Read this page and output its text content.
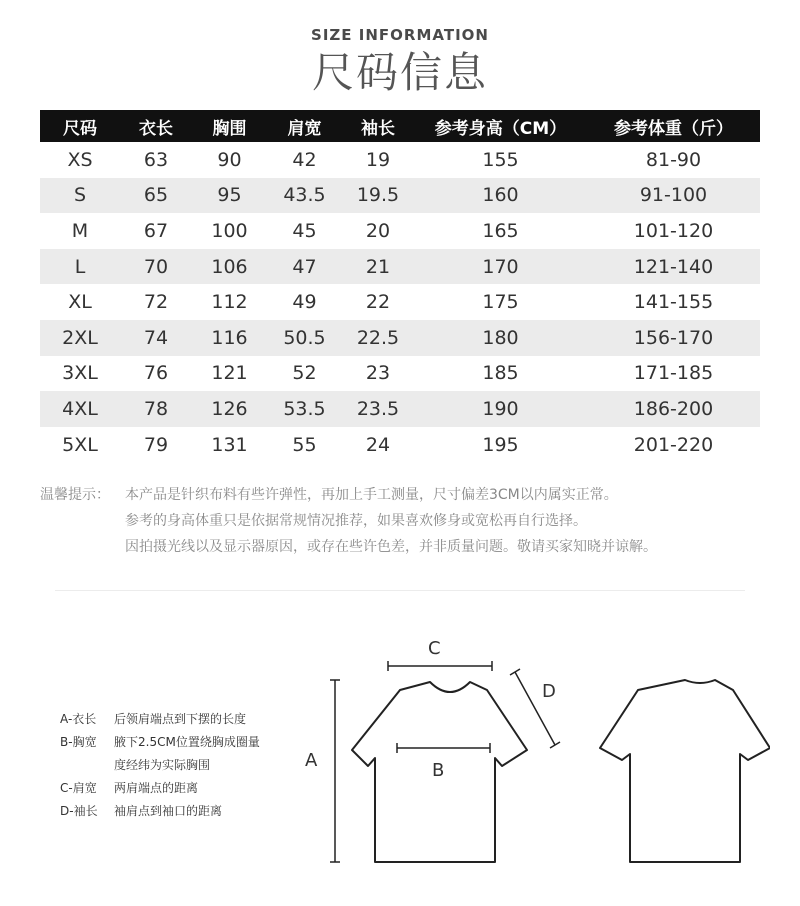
SIZE INFORMATION
尺码信息
尺码	衣长	胸围	肩宽	袖长	参考身高（CM）	参考体重（斤）
XS	63	90	42	19	155	81-90
S	65	95	43.5	19.5	160	91-100
M	67	100	45	20	165	101-120
L	70	106	47	21	170	121-140
XL	72	112	49	22	175	141-155
2XL	74	116	50.5	22.5	180	156-170
3XL	76	121	52	23	185	171-185
4XL	78	126	53.5	23.5	190	186-200
5XL	79	131	55	24	195	201-220
温馨提示：	本产品是针织布料有些许弹性，再加上手工测量，尺寸偏差3CM以内属实正常。
参考的身高体重只是依据常规情况推荐，如果喜欢修身或宽松再自行选择。
因拍摄光线以及显示器原因，或存在些许色差，并非质量问题。敬请买家知晓并谅解。
A-衣长	后领肩端点到下摆的长度
B-胸宽	腋下2.5CM位置绕胸成圈量
度经纬为实际胸围
C-肩宽	两肩端点的距离
D-袖长	袖肩点到袖口的距离
C
B
A
D
